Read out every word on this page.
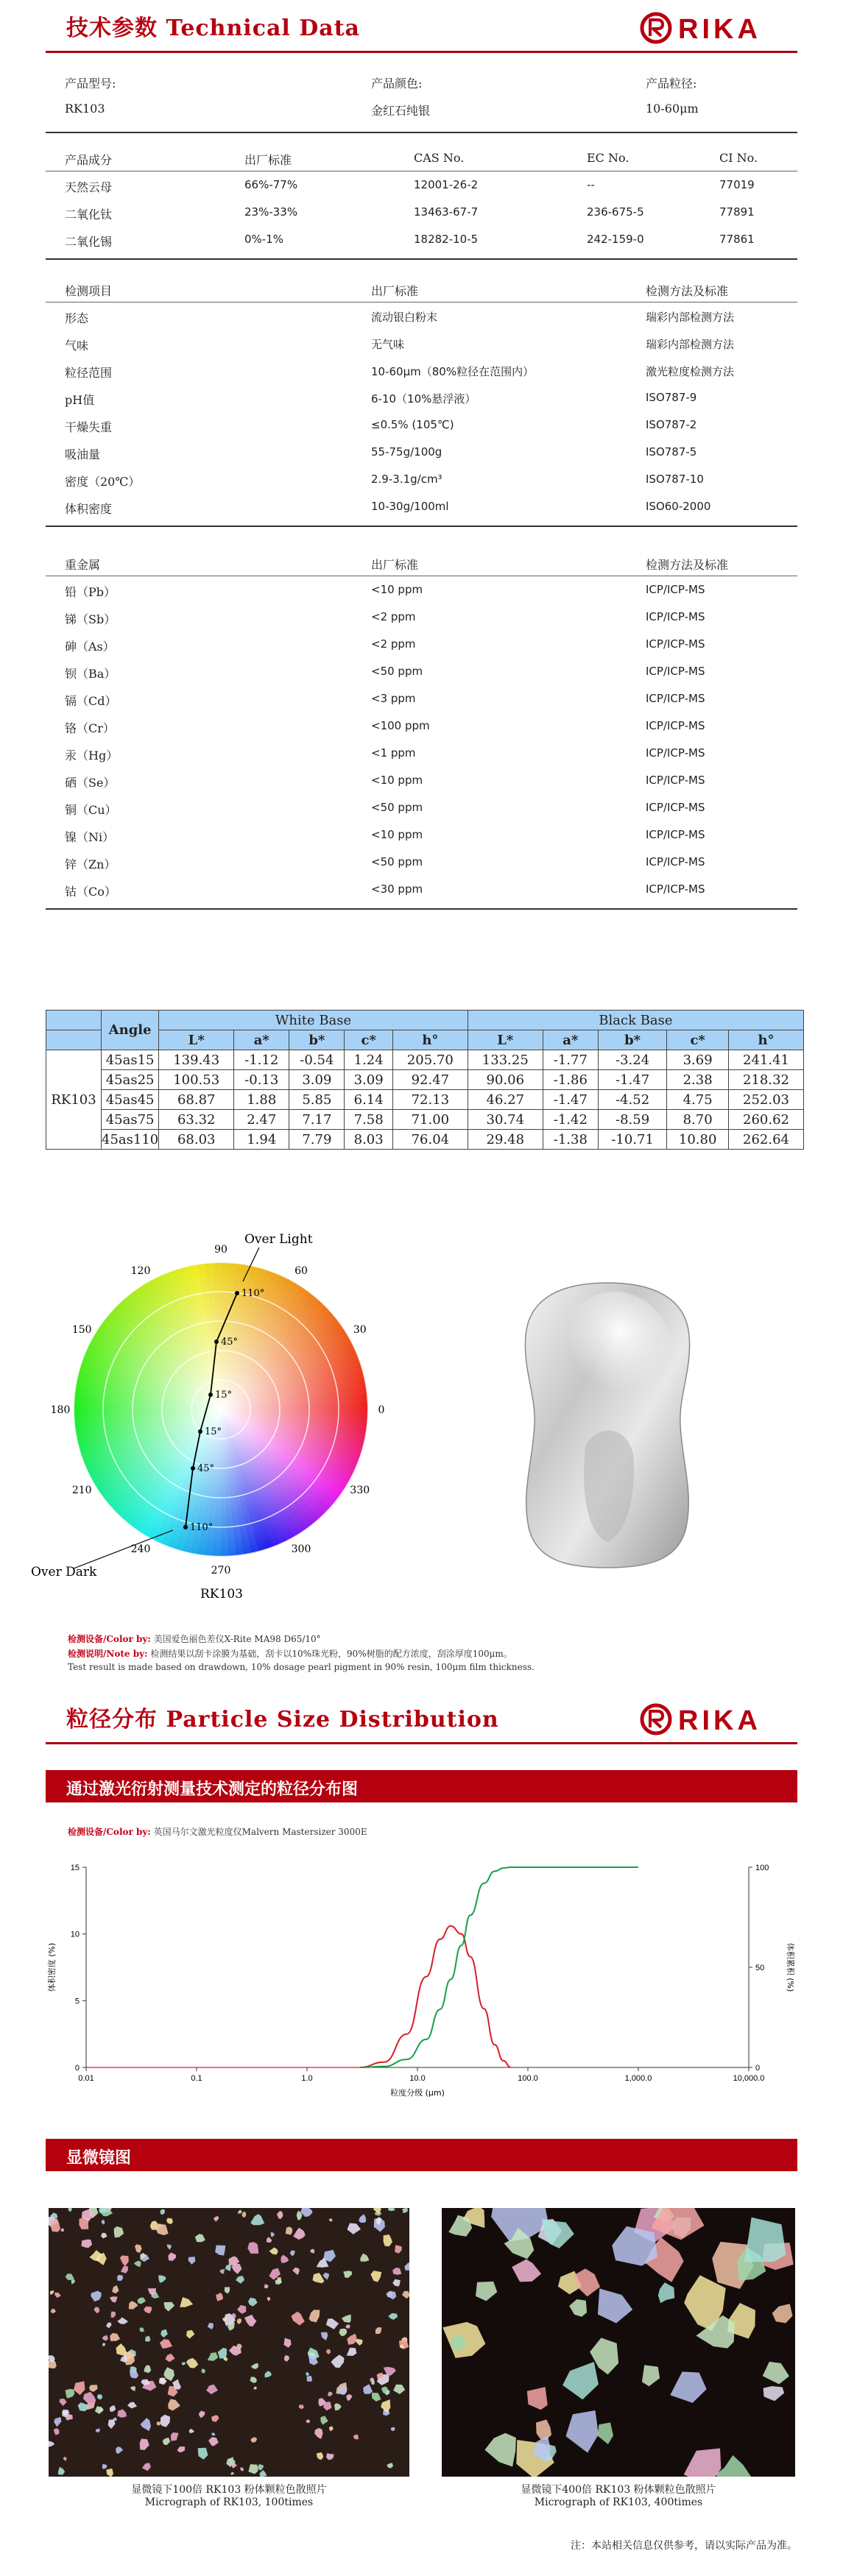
技术参数 Technical Data	RIKA
产品型号:	产品颜色:	产品粒径:
RK103	金红石纯银	10-60μm
产品成分	出厂标准	CAS No.	EC No.	CI No.
天然云母	66%-77%	12001-26-2	--	77019
二氧化钛	23%-33%	13463-67-7	236-675-5	77891
二氧化锡	0%-1%	18282-10-5	242-159-0	77861
检测项目	出厂标准	检测方法及标准
形态	流动银白粉末	瑞彩内部检测方法
气味	无气味	瑞彩内部检测方法
粒径范围	10-60μm（80%粒径在范围内）	激光粒度检测方法
pH值	6-10（10%悬浮液）	ISO787-9
干燥失重	≤0.5% (105℃)	ISO787-2
吸油量	55-75g/100g	ISO787-5
密度（20℃）	2.9-3.1g/cm³	ISO787-10
体积密度	10-30g/100ml	ISO60-2000
重金属	出厂标准	检测方法及标准
铅（Pb）	<10 ppm	ICP/ICP-MS
锑（Sb）	<2 ppm	ICP/ICP-MS
砷（As）	<2 ppm	ICP/ICP-MS
钡（Ba）	<50 ppm	ICP/ICP-MS
镉（Cd）	<3 ppm	ICP/ICP-MS
铬（Cr）	<100 ppm	ICP/ICP-MS
汞（Hg）	<1 ppm	ICP/ICP-MS
硒（Se）	<10 ppm	ICP/ICP-MS
铜（Cu）	<50 ppm	ICP/ICP-MS
镍（Ni）	<10 ppm	ICP/ICP-MS
锌（Zn）	<50 ppm	ICP/ICP-MS
钴（Co）	<30 ppm	ICP/ICP-MS
	Angle	White Base					Black Base				
		L*	a*	b*	c*	h°	L*	a*	b*	c*	h°
RK103	45as15	139.43	-1.12	-0.54	1.24	205.70	133.25	-1.77	-3.24	3.69	241.41
	45as25	100.53	-0.13	3.09	3.09	92.47	90.06	-1.86	-1.47	2.38	218.32
	45as45	68.87	1.88	5.85	6.14	72.13	46.27	-1.47	-4.52	4.75	252.03
	45as75	63.32	2.47	7.17	7.58	71.00	30.74	-1.42	-8.59	8.70	260.62
	45as110	68.03	1.94	7.79	8.03	76.04	29.48	-1.38	-10.71	10.80	262.64
90
60
30
0
330
300
270
240
210
180
150
120
110°
45°
15°
15°
45°
110°
Over Light
Over Dark
RK103
检测设备/Color by: 美国爱色丽色差仪X-Rite MA98 D65/10°
检测说明/Note by: 检测结果以刮卡涂膜为基础，刮卡以10%珠光粉，90%树脂的配方浓度，刮涂厚度100μm。
Test result is made based on drawdown, 10% dosage pearl pigment in 90% resin, 100μm film thickness.
粒径分布 Particle Size Distribution	RIKA
通过激光衍射测量技术测定的粒径分布图
检测设备/Color by: 英国马尔文激光粒度仪Malvern Mastersizer 3000E
0.01	0.1	1.0	10.0	100.0	1,000.0	10,000.0
0
5
10
15
0
50
100
粒度分级 (μm)
体积密度 (%)	体积累积 (%)
显微镜图
显微镜下100倍 RK103 粉体颗粒色散照片
Micrograph of RK103, 100times
显微镜下400倍 RK103 粉体颗粒色散照片
Micrograph of RK103, 400times
注：本站相关信息仅供参考，请以实际产品为准。
